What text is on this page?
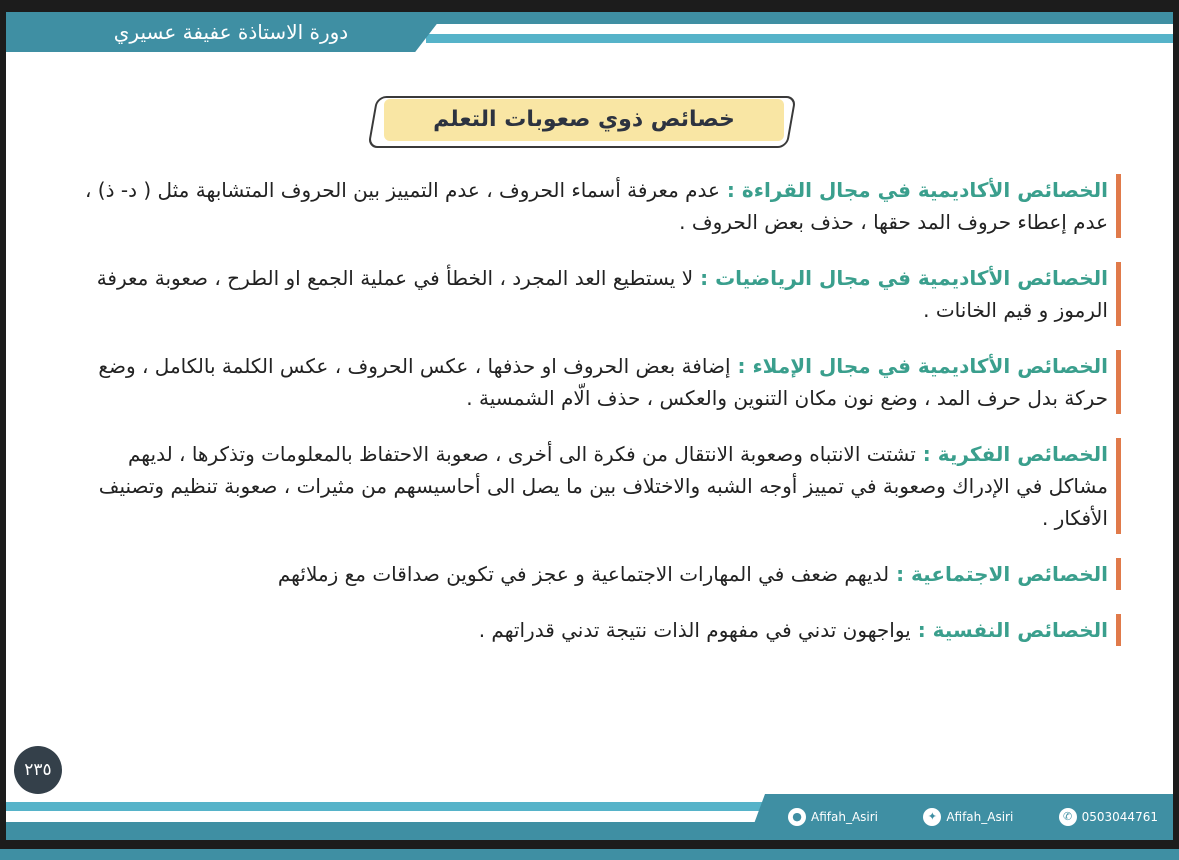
دورة الاستاذة عفيفة عسيري
خصائص ذوي صعوبات التعلم
الخصائص الأكاديمية في مجال القراءة : عدم معرفة أسماء الحروف ، عدم التمييز بين الحروف المتشابهة مثل ( د- ذ) ، عدم إعطاء حروف المد حقها ، حذف بعض الحروف .
الخصائص الأكاديمية في مجال الرياضيات : لا يستطيع العد المجرد ، الخطأ في عملية الجمع او الطرح ، صعوبة معرفة الرموز و قيم الخانات .
الخصائص الأكاديمية في مجال الإملاء : إضافة بعض الحروف او حذفها ، عكس الحروف ، عكس الكلمة بالكامل ، وضع حركة بدل حرف المد ، وضع نون مكان التنوين والعكس ، حذف الّام الشمسية .
الخصائص الفكرية : تشتت الانتباه وصعوبة الانتقال من فكرة الى أخرى ، صعوبة الاحتفاظ بالمعلومات وتذكرها ، لديهم مشاكل في الإدراك وصعوبة في تمييز أوجه الشبه والاختلاف بين ما يصل الى أحاسيسهم من مثيرات ، صعوبة تنظيم وتصنيف الأفكار .
الخصائص الاجتماعية : لديهم ضعف في المهارات الاجتماعية و عجز في تكوين صداقات مع زملائهم
الخصائص النفسية : يواجهون تدني في مفهوم الذات نتيجة تدني قدراتهم .
٢٣٥
● Afifah_Asiri	✦ Afifah_Asiri	✆ 0503044761
